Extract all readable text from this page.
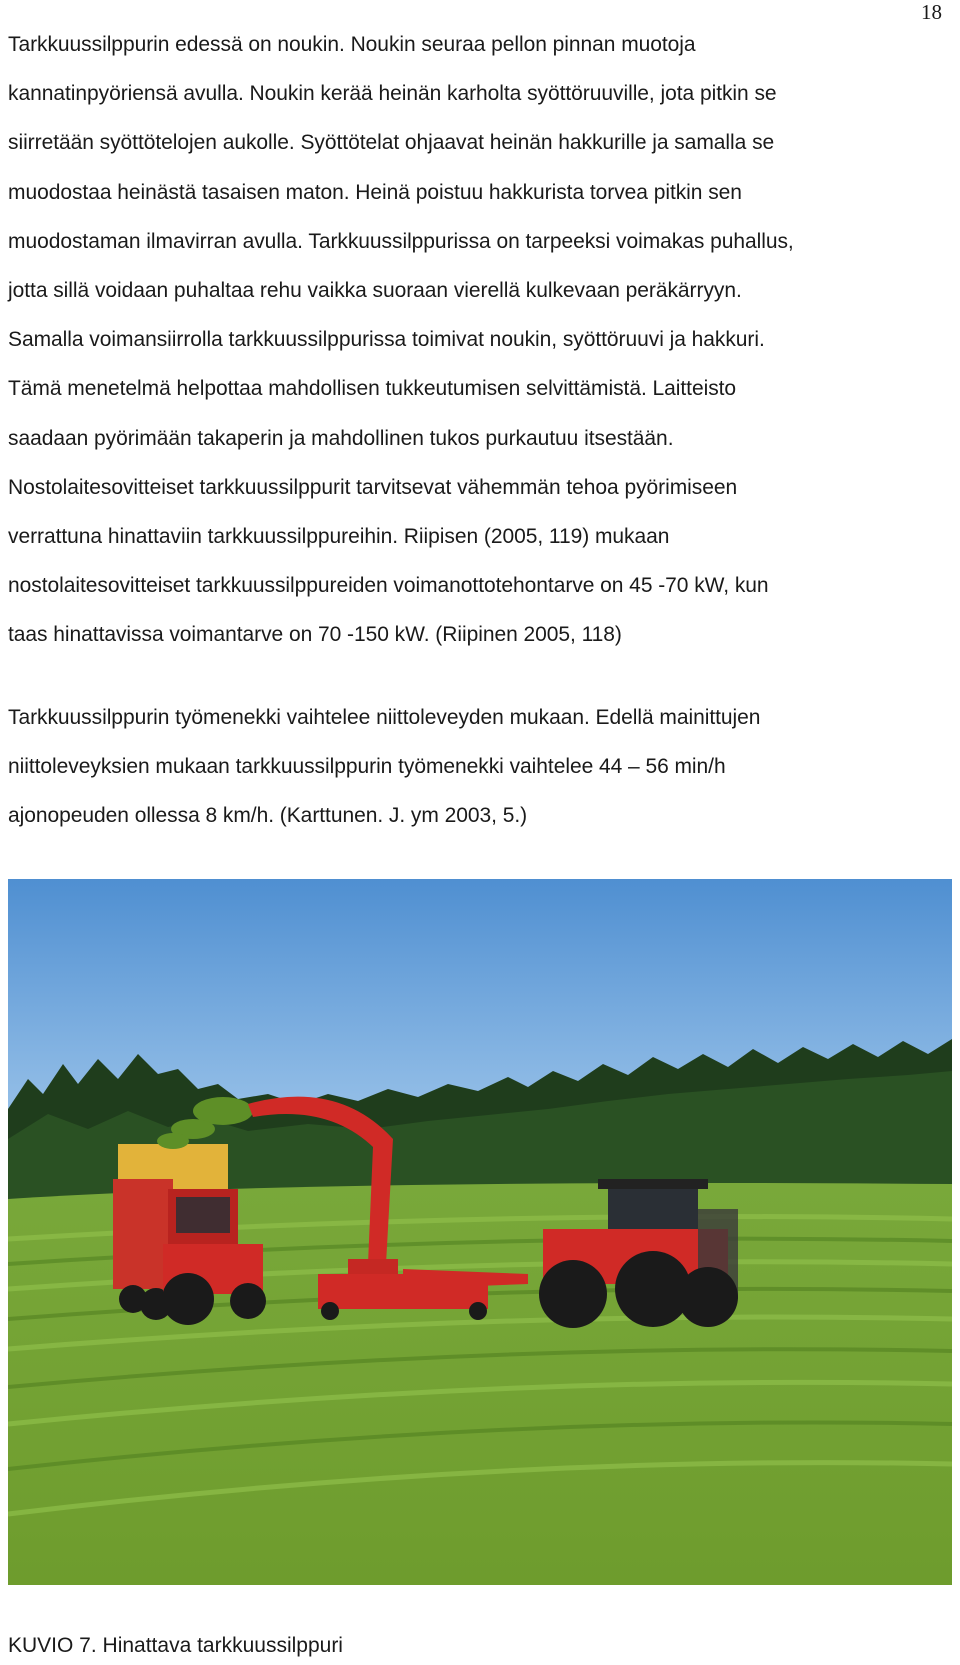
18

Tarkkuussilppurin edessä on noukin. Noukin seuraa pellon pinnan muotoja
kannatinpyöriensä avulla. Noukin kerää heinän karholta syöttöruuville, jota pitkin se
siirretään syöttötelojen aukolle. Syöttötelat ohjaavat heinän hakkurille ja samalla se
muodostaa heinästä tasaisen maton. Heinä poistuu hakkurista torvea pitkin sen
muodostaman ilmavirran avulla. Tarkkuussilppurissa on tarpeeksi voimakas puhallus,
jotta sillä voidaan puhaltaa rehu vaikka suoraan vierellä kulkevaan peräkärryyn.
Samalla voimansiirrolla tarkkuussilppurissa toimivat noukin, syöttöruuvi ja hakkuri.
Tämä menetelmä helpottaa mahdollisen tukkeutumisen selvittämistä. Laitteisto
saadaan pyörimään takaperin ja mahdollinen tukos purkautuu itsestään.
Nostolaitesovitteiset tarkkuussilppurit tarvitsevat vähemmän tehoa pyörimiseen
verrattuna hinattaviin tarkkuussilppureihin. Riipisen (2005, 119) mukaan
nostolaitesovitteiset tarkkuussilppureiden voimanottotehontarve on 45 -70 kW, kun
taas hinattavissa voimantarve on 70 -150 kW. (Riipinen 2005, 118)

Tarkkuussilppurin työmenekki vaihtelee niittoleveyden mukaan. Edellä mainittujen
niittoleveyksien mukaan tarkkuussilppurin työmenekki vaihtelee 44 – 56 min/h
ajonopeuden ollessa 8 km/h. (Karttunen. J. ym 2003, 5.)

KUVIO 7. Hinattava tarkkuussilppuri
